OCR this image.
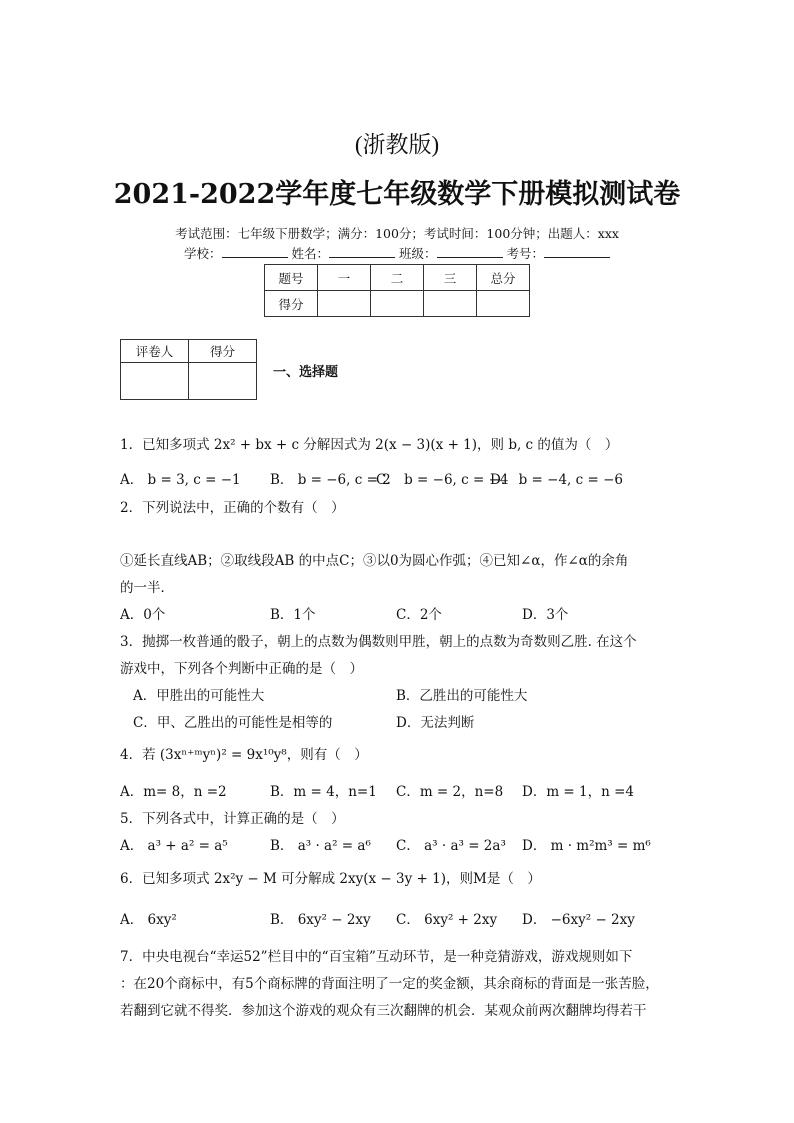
(浙教版)
2021-2022学年度七年级数学下册模拟测试卷
考试范围：七年级下册数学；满分：100分；考试时间：100分钟；出题人：xxx
学校：	姓名：	班级：	考号：
题号	一	二	三	总分
得分				
评卷人	得分

一、选择题
1．已知多项式 2x² + bx + c 分解因式为 2(x − 3)(x + 1)，则 b, c 的值为（　）
A． b = 3, c = −1 B． b = −6, c = 2
C． b = −6, c = −4
D． b = −4, c = −6
2．下列说法中，正确的个数有（　）
①延长直线AB；②取线段AB 的中点C；③以0为圆心作弧；④已知∠α，作∠α的余角
的一半．
A．0个	B．1个	C．2个	D．3个
3．抛掷一枚普通的骰子，朝上的点数为偶数则甲胜，朝上的点数为奇数则乙胜. 在这个
游戏中，下列各个判断中正确的是（　）
A．甲胜出的可能性大	B．乙胜出的可能性大
C．甲、乙胜出的可能性是相等的	D．无法判断
4．若 (3xⁿ⁺ᵐyⁿ)² = 9x¹⁰y⁸，则有（　）
A．m= 8，n =2	B．m = 4，n=1 C．m = 2，n=8 D．m = 1，n =4
5．下列各式中，计算正确的是（　）
A． a³ + a² = a⁵	B． a³ · a² = a⁶ C． a³ · a³ = 2a³ D． m · m²m³ = m⁶
6．已知多项式 2x²y − M 可分解成 2xy(x − 3y + 1)，则M是（　）
A． 6xy²	B． 6xy² − 2xy C． 6xy² + 2xy D． −6xy² − 2xy
7．中央电视台“幸运52”栏目中的“百宝箱”互动环节，是一种竞猜游戏，游戏规则如下
：在20个商标中，有5个商标牌的背面注明了一定的奖金额，其余商标的背面是一张苦脸，
若翻到它就不得奖．参加这个游戏的观众有三次翻牌的机会．某观众前两次翻牌均得若干
